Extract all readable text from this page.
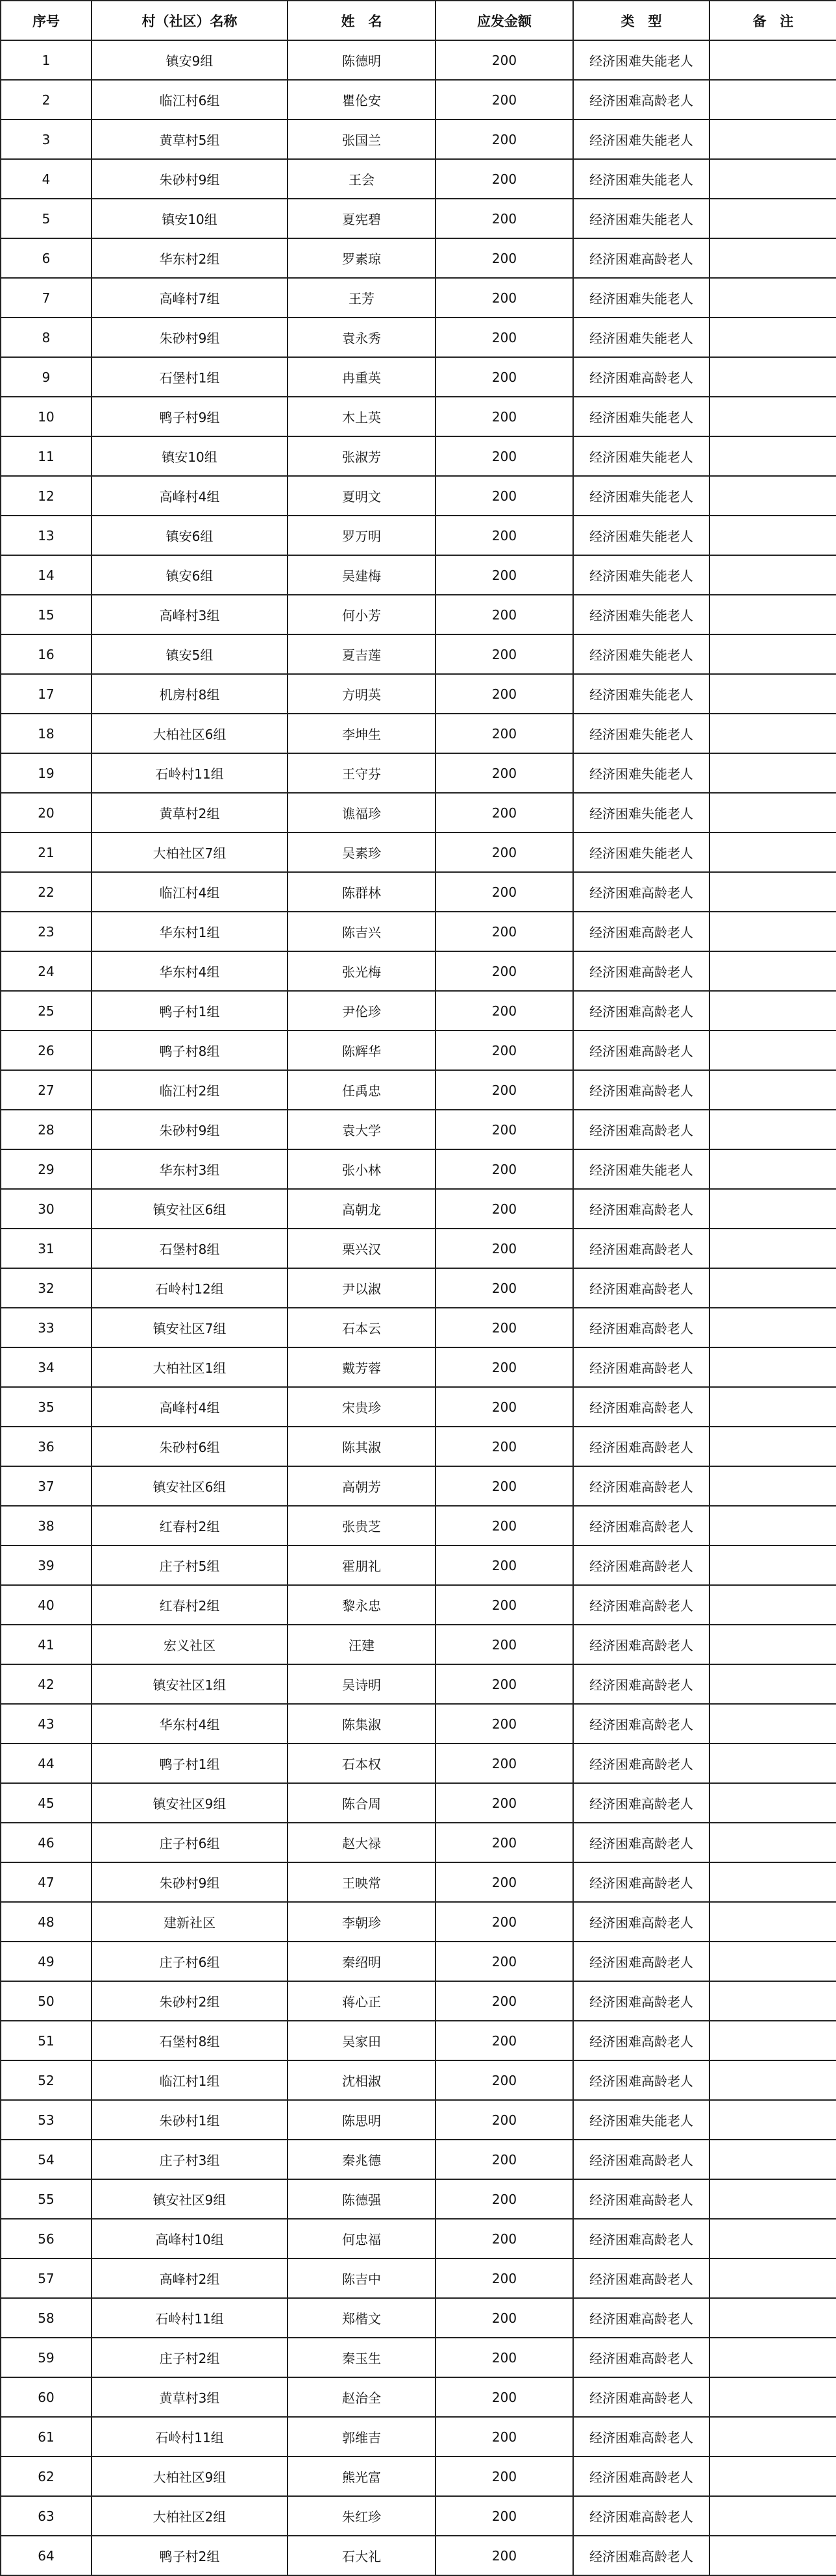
序号	村（社区）名称	姓　名	应发金额	类　型	备　注
1	镇安9组	陈德明	200	经济困难失能老人	
2	临江村6组	瞿伦安	200	经济困难高龄老人	
3	黄草村5组	张国兰	200	经济困难失能老人	
4	朱砂村9组	王会	200	经济困难失能老人	
5	镇安10组	夏宪碧	200	经济困难失能老人	
6	华东村2组	罗素琼	200	经济困难高龄老人	
7	高峰村7组	王芳	200	经济困难失能老人	
8	朱砂村9组	袁永秀	200	经济困难失能老人	
9	石堡村1组	冉重英	200	经济困难高龄老人	
10	鸭子村9组	木上英	200	经济困难失能老人	
11	镇安10组	张淑芳	200	经济困难失能老人	
12	高峰村4组	夏明文	200	经济困难失能老人	
13	镇安6组	罗万明	200	经济困难失能老人	
14	镇安6组	吴建梅	200	经济困难失能老人	
15	高峰村3组	何小芳	200	经济困难失能老人	
16	镇安5组	夏吉莲	200	经济困难失能老人	
17	机房村8组	方明英	200	经济困难失能老人	
18	大柏社区6组	李坤生	200	经济困难失能老人	
19	石岭村11组	王守芬	200	经济困难失能老人	
20	黄草村2组	谯福珍	200	经济困难失能老人	
21	大柏社区7组	吴素珍	200	经济困难失能老人	
22	临江村4组	陈群林	200	经济困难高龄老人	
23	华东村1组	陈吉兴	200	经济困难高龄老人	
24	华东村4组	张光梅	200	经济困难高龄老人	
25	鸭子村1组	尹伦珍	200	经济困难高龄老人	
26	鸭子村8组	陈辉华	200	经济困难高龄老人	
27	临江村2组	任禹忠	200	经济困难高龄老人	
28	朱砂村9组	袁大学	200	经济困难高龄老人	
29	华东村3组	张小林	200	经济困难失能老人	
30	镇安社区6组	高朝龙	200	经济困难高龄老人	
31	石堡村8组	栗兴汉	200	经济困难高龄老人	
32	石岭村12组	尹以淑	200	经济困难高龄老人	
33	镇安社区7组	石本云	200	经济困难高龄老人	
34	大柏社区1组	戴芳蓉	200	经济困难高龄老人	
35	高峰村4组	宋贵珍	200	经济困难高龄老人	
36	朱砂村6组	陈其淑	200	经济困难高龄老人	
37	镇安社区6组	高朝芳	200	经济困难高龄老人	
38	红春村2组	张贵芝	200	经济困难高龄老人	
39	庄子村5组	霍朋礼	200	经济困难高龄老人	
40	红春村2组	黎永忠	200	经济困难高龄老人	
41	宏义社区	汪建	200	经济困难高龄老人	
42	镇安社区1组	吴诗明	200	经济困难高龄老人	
43	华东村4组	陈集淑	200	经济困难高龄老人	
44	鸭子村1组	石本权	200	经济困难高龄老人	
45	镇安社区9组	陈合周	200	经济困难高龄老人	
46	庄子村6组	赵大禄	200	经济困难高龄老人	
47	朱砂村9组	王映常	200	经济困难高龄老人	
48	建新社区	李朝珍	200	经济困难高龄老人	
49	庄子村6组	秦绍明	200	经济困难高龄老人	
50	朱砂村2组	蒋心正	200	经济困难高龄老人	
51	石堡村8组	吴家田	200	经济困难高龄老人	
52	临江村1组	沈相淑	200	经济困难高龄老人	
53	朱砂村1组	陈思明	200	经济困难失能老人	
54	庄子村3组	秦兆德	200	经济困难高龄老人	
55	镇安社区9组	陈德强	200	经济困难高龄老人	
56	高峰村10组	何忠福	200	经济困难高龄老人	
57	高峰村2组	陈吉中	200	经济困难高龄老人	
58	石岭村11组	郑楷文	200	经济困难高龄老人	
59	庄子村2组	秦玉生	200	经济困难高龄老人	
60	黄草村3组	赵治全	200	经济困难高龄老人	
61	石岭村11组	郭维吉	200	经济困难高龄老人	
62	大柏社区9组	熊光富	200	经济困难高龄老人	
63	大柏社区2组	朱红珍	200	经济困难高龄老人	
64	鸭子村2组	石大礼	200	经济困难高龄老人	
